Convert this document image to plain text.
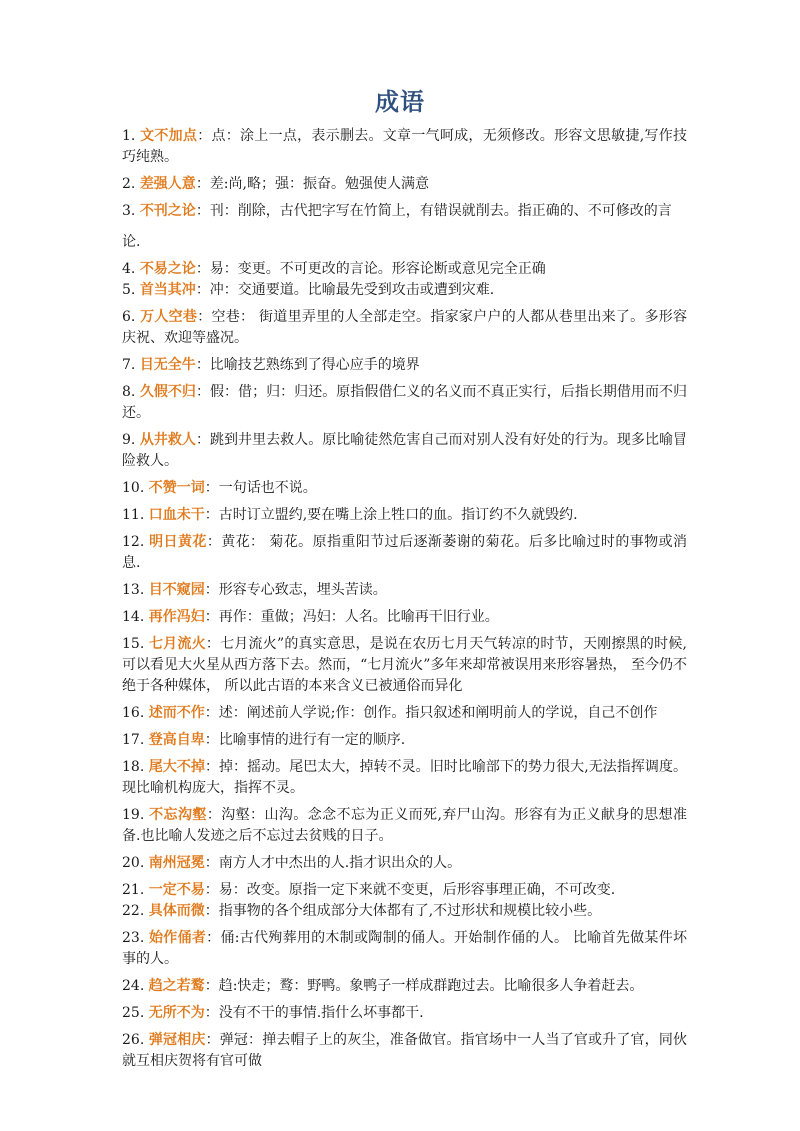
成语

1. 文不加点：点：涂上一点，表示删去。文章一气呵成，无须修改。形容文思敏捷,写作技巧纯熟。

2. 差强人意：差:尚,略；强：振奋。勉强使人满意

3. 不刊之论：刊：削除，古代把字写在竹简上，有错误就削去。指正确的、不可修改的言
论.

4. 不易之论：易：变更。不可更改的言论。形容论断或意见完全正确

5. 首当其冲：冲：交通要道。比喻最先受到攻击或遭到灾难.

6. 万人空巷：空巷： 街道里弄里的人全部走空。指家家户户的人都从巷里出来了。多形容庆祝、欢迎等盛况。

7. 目无全牛：比喻技艺熟练到了得心应手的境界

8. 久假不归：假：借；归：归还。原指假借仁义的名义而不真正实行，后指长期借用而不归还。

9. 从井救人：跳到井里去救人。原比喻徒然危害自己而对别人没有好处的行为。现多比喻冒险救人。

10. 不赞一词：一句话也不说。

11. 口血未干：古时订立盟约,要在嘴上涂上牲口的血。指订约不久就毁约.

12. 明日黄花：黄花： 菊花。原指重阳节过后逐渐萎谢的菊花。后多比喻过时的事物或消息.

13. 目不窥园：形容专心致志，埋头苦读。

14. 再作冯妇：再作：重做；冯妇：人名。比喻再干旧行业。

15. 七月流火：七月流火”的真实意思，是说在农历七月天气转凉的时节，天刚擦黑的时候,可以看见大火星从西方落下去。然而，“七月流火”多年来却常被误用来形容暑热， 至今仍不绝于各种媒体， 所以此古语的本来含义已被通俗而异化

16. 述而不作：述：阐述前人学说;作：创作。指只叙述和阐明前人的学说，自己不创作

17. 登高自卑：比喻事情的进行有一定的顺序.

18. 尾大不掉：掉：摇动。尾巴太大，掉转不灵。旧时比喻部下的势力很大,无法指挥调度。现比喻机构庞大，指挥不灵。

19. 不忘沟壑：沟壑：山沟。念念不忘为正义而死,弃尸山沟。形容有为正义献身的思想准备.也比喻人发迹之后不忘过去贫贱的日子。

20. 南州冠冕：南方人才中杰出的人.指才识出众的人。

21. 一定不易：易：改变。原指一定下来就不变更，后形容事理正确，不可改变.

22. 具体而微：指事物的各个组成部分大体都有了,不过形状和规模比较小些。

23. 始作俑者：俑:古代殉葬用的木制或陶制的俑人。开始制作俑的人。 比喻首先做某件坏事的人。

24. 趋之若鹜：趋:快走；鹜：野鸭。象鸭子一样成群跑过去。比喻很多人争着赶去。

25. 无所不为：没有不干的事情.指什么坏事都干.

26. 弹冠相庆：弹冠：掸去帽子上的灰尘，准备做官。指官场中一人当了官或升了官，同伙就互相庆贺将有官可做
